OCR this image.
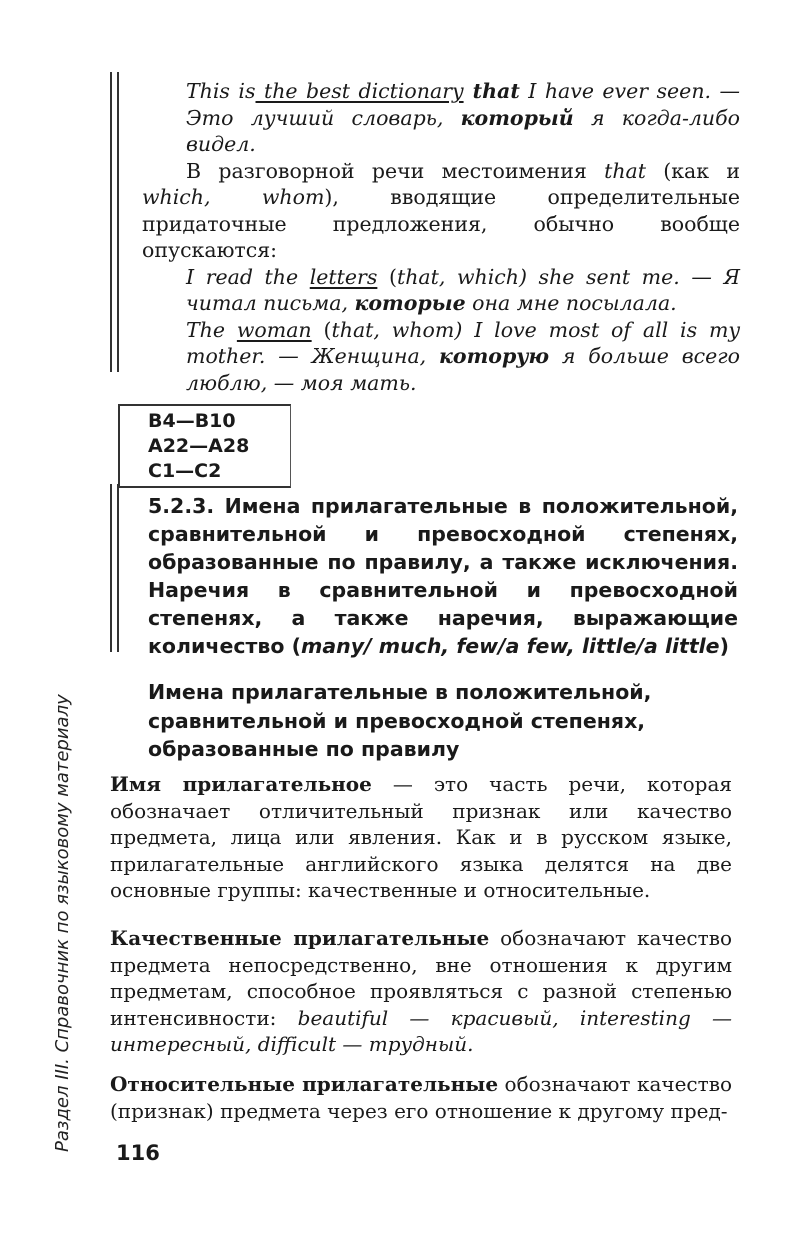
This is the best dictionary that I have ever seen. — Это лучший словарь, который я когда-либо видел.

В разговорной речи местоимения that (как и which, whom), вводящие определительные придаточные предложения, обычно вообще опускаются:

I read the letters (that, which) she sent me. — Я читал письма, которые она мне посылала.

The woman (that, whom) I love most of all is my mother. — Женщина, которую я больше всего люблю, — моя мать.

В4—В10
А22—А28
С1—С2
5.2.3. Имена прилагательные в положительной, сравнительной и превосходной степенях, образованные по правилу, а также исключения. Наречия в сравнительной и превосходной степенях, а также наречия, выражающие количество (many/ much, few/a few, little/a little)
Имена прилагательные в положительной, сравнительной и превосходной степенях, образованные по правилу
Имя прилагательное — это часть речи, которая обозначает отличительный признак или качество предмета, лица или явления. Как и в русском языке, прилагательные английского языка делятся на две основные группы: качественные и относительные.
Качественные прилагательные обозначают качество предмета непосредственно, вне отношения к другим предметам, способное проявляться с разной степенью интенсивности: beautiful — красивый, interesting — интересный, difficult — трудный.
Относительные прилагательные обозначают качество (признак) предмета через его отношение к другому пред-
Раздел III. Справочник по языковому материалу
116
